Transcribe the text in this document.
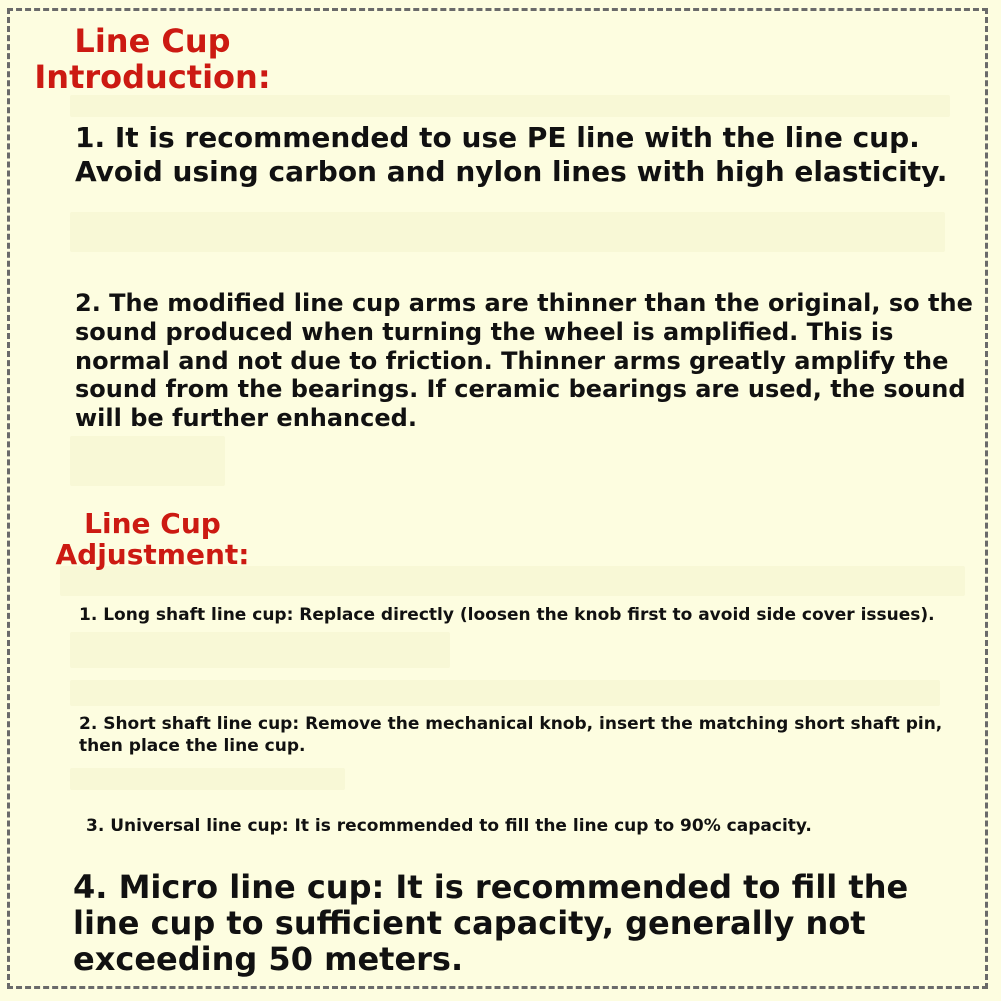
Line Cup
Introduction:

1. It is recommended to use PE line with the line cup. Avoid using carbon and nylon lines with high elasticity.

2. The modified line cup arms are thinner than the original, so the sound produced when turning the wheel is amplified. This is normal and not due to friction. Thinner arms greatly amplify the sound from the bearings. If ceramic bearings are used, the sound will be further enhanced.

Line Cup
Adjustment:

1. Long shaft line cup: Replace directly (loosen the knob first to avoid side cover issues).

2. Short shaft line cup: Remove the mechanical knob, insert the matching short shaft pin, then place the line cup.

3. Universal line cup: It is recommended to fill the line cup to 90% capacity.

4. Micro line cup: It is recommended to fill the line cup to sufficient capacity, generally not exceeding 50 meters.
